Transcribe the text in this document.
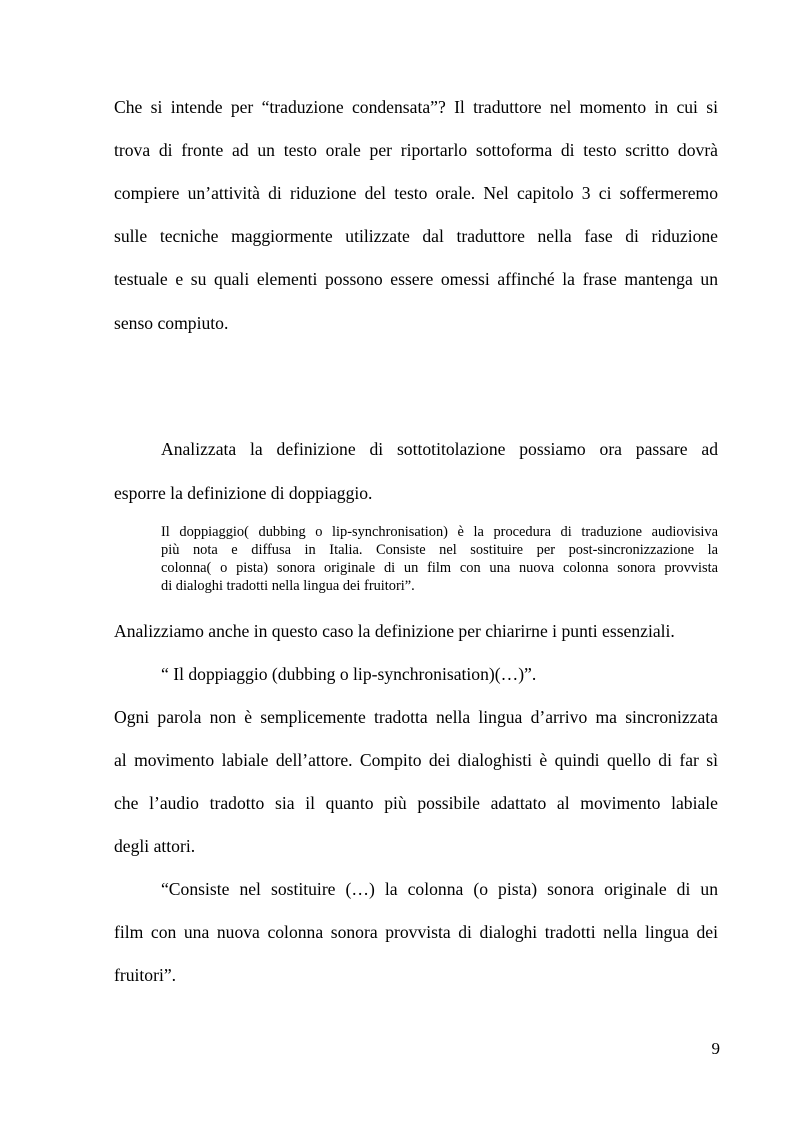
Che si intende per “traduzione condensata”? Il traduttore nel momento in cui si
trova di fronte ad un testo orale per riportarlo sottoforma di testo scritto dovrà
compiere un’attività di riduzione del testo orale. Nel capitolo 3 ci soffermeremo
sulle tecniche maggiormente utilizzate dal traduttore nella fase di riduzione
testuale e su quali elementi possono essere omessi affinché la frase mantenga un
senso compiuto.
Analizzata la definizione di sottotitolazione possiamo ora passare ad
esporre la definizione di doppiaggio.
Il doppiaggio( dubbing o lip-synchronisation) è la procedura di traduzione audiovisiva
più nota e diffusa in Italia. Consiste nel sostituire per post-sincronizzazione la
colonna( o pista) sonora originale di un film con una nuova colonna sonora provvista
di dialoghi tradotti nella lingua dei fruitori”.
Analizziamo anche in questo caso la definizione per chiarirne i punti essenziali.
“ Il doppiaggio (dubbing o lip-synchronisation)(…)”.
Ogni parola non è semplicemente tradotta nella lingua d’arrivo ma sincronizzata
al movimento labiale dell’attore. Compito dei dialoghisti è quindi quello di far sì
che l’audio tradotto sia il quanto più possibile adattato al movimento labiale
degli attori.
“Consiste nel sostituire (…) la colonna (o pista) sonora originale di un
film con una nuova colonna sonora provvista di dialoghi tradotti nella lingua dei
fruitori”.
9
